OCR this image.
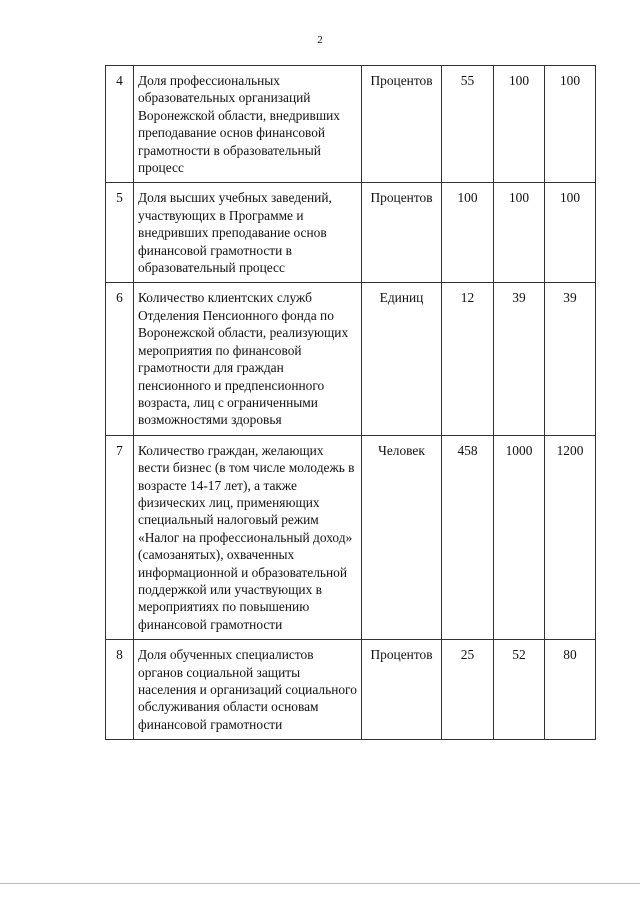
2
4	Доля профессиональных образовательных организаций Воронежской области, внедривших преподавание основ финансовой грамотности в образовательный процесс	Процентов	55	100	100
5	Доля высших учебных заведений, участвующих в Программе и внедривших преподавание основ финансовой грамотности в образовательный процесс	Процентов	100	100	100
6	Количество клиентских служб Отделения Пенсионного фонда по Воронежской области, реализующих мероприятия по финансовой грамотности для граждан пенсионного и предпенсионного возраста, лиц с ограниченными возможностями здоровья	Единиц	12	39	39
7	Количество граждан, желающих вести бизнес (в том числе молодежь в возрасте 14-17 лет), а также физических лиц, применяющих специальный налоговый режим «Налог на профессиональный доход» (самозанятых), охваченных информационной и образовательной поддержкой или участвующих в мероприятиях по повышению финансовой грамотности	Человек	458	1000	1200
8	Доля обученных специалистов органов социальной защиты населения и организаций социального обслуживания области основам финансовой грамотности	Процентов	25	52	80
